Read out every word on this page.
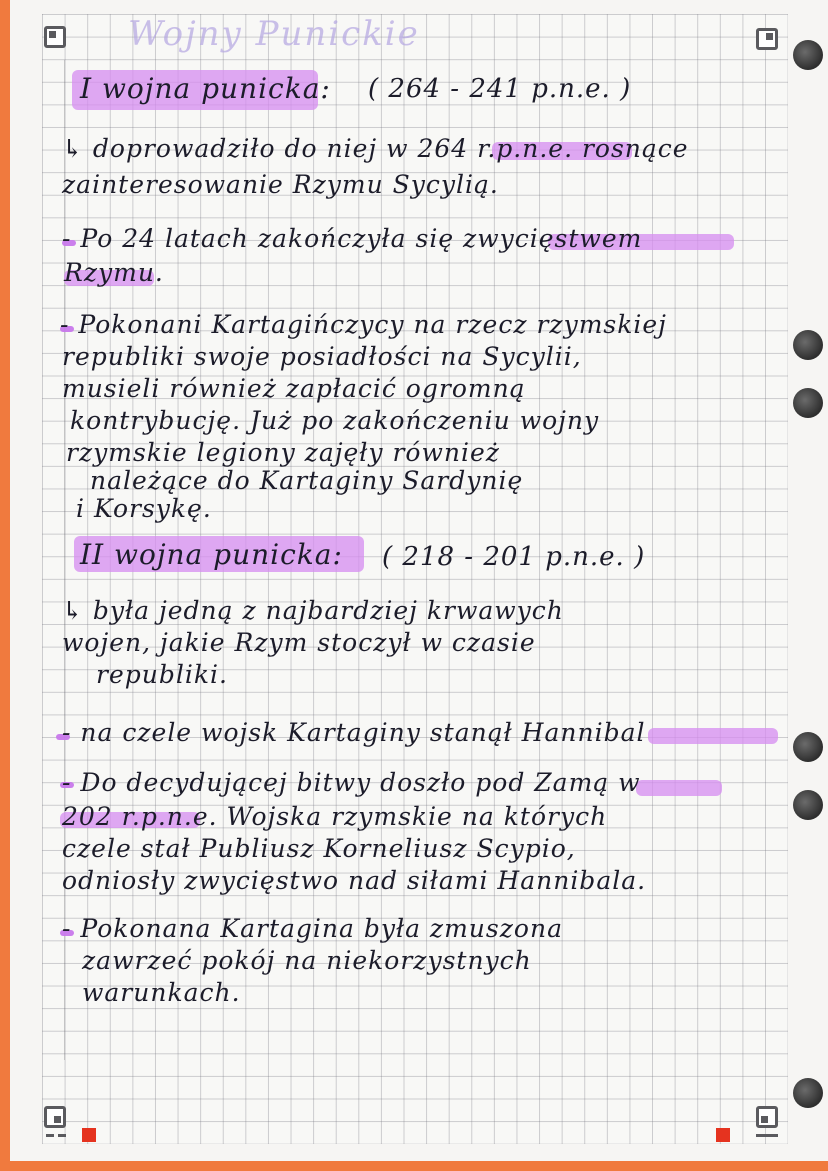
Wojny Punickie
I wojna punicka: ( 264 - 241 p.n.e. )
↳ doprowadziło do niej w 264 r.p.n.e. rosnące
zainteresowanie Rzymu Sycylią.
- Po 24 latach zakończyła się zwycięstwem
Rzymu.
- Pokonani Kartagińczycy na rzecz rzymskiej
republiki swoje posiadłości na Sycylii,
musieli również zapłacić ogromną
kontrybucję. Już po zakończeniu wojny
rzymskie legiony zajęły również
należące do Kartaginy Sardynię
i Korsykę.
II wojna punicka: ( 218 - 201 p.n.e. )
↳ była jedną z najbardziej krwawych
wojen, jakie Rzym stoczył w czasie
republiki.
- na czele wojsk Kartaginy stanął Hannibal
- Do decydującej bitwy doszło pod Zamą w
202 r.p.n.e. Wojska rzymskie na których
czele stał Publiusz Korneliusz Scypio,
odniosły zwycięstwo nad siłami Hannibala.
- Pokonana Kartagina była zmuszona
zawrzeć pokój na niekorzystnych
warunkach.
